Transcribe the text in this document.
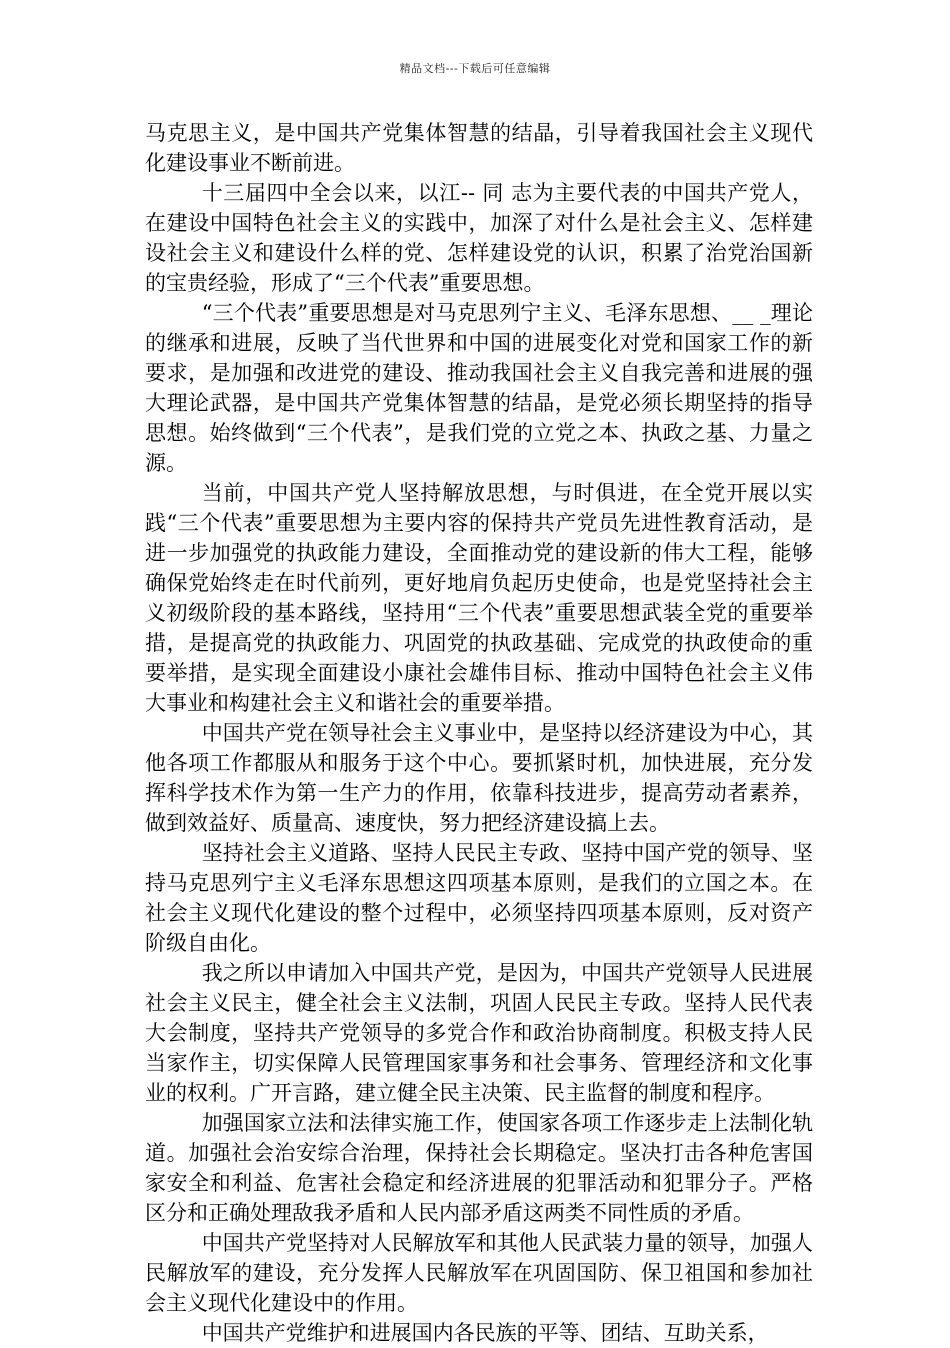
精品文档---下载后可任意编辑

马克思主义，是中国共产党集体智慧的结晶，引导着我国社会主义现代化建设事业不断前进。

十三届四中全会以来，以江-- 同 志为主要代表的中国共产党人，在建设中国特色社会主义的实践中，加深了对什么是社会主义、怎样建设社会主义和建设什么样的党、怎样建设党的认识，积累了治党治国新的宝贵经验，形成了“三个代表”重要思想。

“三个代表”重要思想是对马克思列宁主义、毛泽东思想、__ _理论的继承和进展，反映了当代世界和中国的进展变化对党和国家工作的新要求，是加强和改进党的建设、推动我国社会主义自我完善和进展的强大理论武器，是中国共产党集体智慧的结晶，是党必须长期坚持的指导思想。始终做到“三个代表”，是我们党的立党之本、执政之基、力量之源。

当前，中国共产党人坚持解放思想，与时俱进，在全党开展以实践“三个代表”重要思想为主要内容的保持共产党员先进性教育活动，是进一步加强党的执政能力建设，全面推动党的建设新的伟大工程，能够确保党始终走在时代前列，更好地肩负起历史使命，也是党坚持社会主义初级阶段的基本路线，坚持用“三个代表”重要思想武装全党的重要举措，是提高党的执政能力、巩固党的执政基础、完成党的执政使命的重要举措，是实现全面建设小康社会雄伟目标、推动中国特色社会主义伟大事业和构建社会主义和谐社会的重要举措。

中国共产党在领导社会主义事业中，是坚持以经济建设为中心，其他各项工作都服从和服务于这个中心。要抓紧时机，加快进展，充分发挥科学技术作为第一生产力的作用，依靠科技进步，提高劳动者素养，做到效益好、质量高、速度快，努力把经济建设搞上去。

坚持社会主义道路、坚持人民民主专政、坚持中国产党的领导、坚持马克思列宁主义毛泽东思想这四项基本原则，是我们的立国之本。在社会主义现代化建设的整个过程中，必须坚持四项基本原则，反对资产阶级自由化。

我之所以申请加入中国共产党，是因为，中国共产党领导人民进展社会主义民主，健全社会主义法制，巩固人民民主专政。坚持人民代表大会制度，坚持共产党领导的多党合作和政治协商制度。积极支持人民当家作主，切实保障人民管理国家事务和社会事务、管理经济和文化事业的权利。广开言路，建立健全民主决策、民主监督的制度和程序。

加强国家立法和法律实施工作，使国家各项工作逐步走上法制化轨道。加强社会治安综合治理，保持社会长期稳定。坚决打击各种危害国家安全和利益、危害社会稳定和经济进展的犯罪活动和犯罪分子。严格区分和正确处理敌我矛盾和人民内部矛盾这两类不同性质的矛盾。

中国共产党坚持对人民解放军和其他人民武装力量的领导，加强人民解放军的建设，充分发挥人民解放军在巩固国防、保卫祖国和参加社会主义现代化建设中的作用。

中国共产党维护和进展国内各民族的平等、团结、互助关系，
